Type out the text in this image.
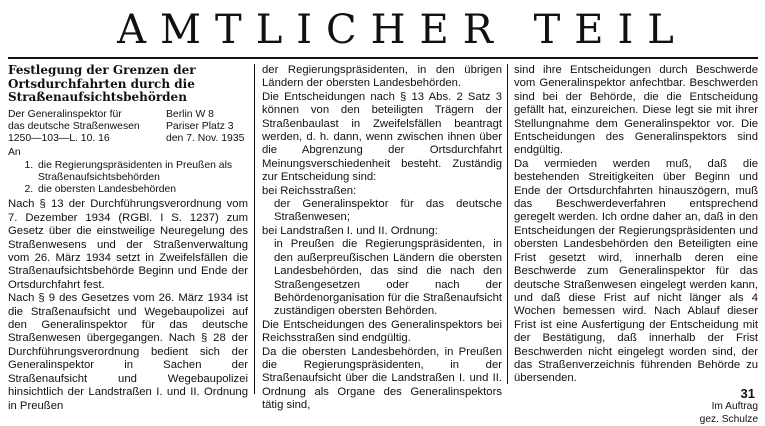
AMTLICHER TEIL
Festlegung der Grenzen der Ortsdurchfahrten durch die Straßenaufsichtsbehörden
Der Generalinspektor für
das deutsche Straßenwesen
1250—103—L. 10. 16
Berlin W 8
Pariser Platz 3
den 7. Nov. 1935
An
1. die Regierungspräsidenten in Preußen als Straßenaufsichtsbehörden
2. die obersten Landesbehörden

Nach § 13 der Durchführungsverordnung vom 7. Dezember 1934 (RGBl. I S. 1237) zum Gesetz über die einstweilige Neuregelung des Straßenwesens und der Straßenverwaltung vom 26. März 1934 setzt in Zweifelsfällen die Straßenaufsichtsbehörde Beginn und Ende der Ortsdurchfahrt fest.

Nach § 9 des Gesetzes vom 26. März 1934 ist die Straßenaufsicht und Wegebaupolizei auf den Generalinspektor für das deutsche Straßenwesen übergegangen. Nach § 28 der Durchführungsverordnung bedient sich der Generalinspektor in Sachen der Straßenaufsicht und Wegebaupolizei hinsichtlich der Landstraßen I. und II. Ordnung in Preußen

der Regierungspräsidenten, in den übrigen Ländern der obersten Landesbehörden.

Die Entscheidungen nach § 13 Abs. 2 Satz 3 können von den beteiligten Trägern der Straßenbaulast in Zweifelsfällen beantragt werden, d. h. dann, wenn zwischen ihnen über die Abgrenzung der Ortsdurchfahrt Meinungsverschiedenheit besteht. Zuständig zur Entscheidung sind:

bei Reichsstraßen:

der Generalinspektor für das deutsche Straßenwesen;

bei Landstraßen I. und II. Ordnung:

in Preußen die Regierungspräsidenten, in den außerpreußischen Ländern die obersten Landesbehörden, das sind die nach den Straßengesetzen oder nach der Behördenorganisation für die Straßenaufsicht zuständigen obersten Behörden.

Die Entscheidungen des Generalinspektors bei Reichsstraßen sind endgültig.

Da die obersten Landesbehörden, in Preußen die Regierungspräsidenten, in der Straßenaufsicht über die Landstraßen I. und II. Ordnung als Organe des Generalinspektors tätig sind,

sind ihre Entscheidungen durch Beschwerde vom Generalinspektor anfechtbar. Beschwerden sind bei der Behörde, die die Entscheidung gefällt hat, einzureichen. Diese legt sie mit ihrer Stellungnahme dem Generalinspektor vor. Die Entscheidungen des Generalinspektors sind endgültig.

Da vermieden werden muß, daß die bestehenden Streitigkeiten über Beginn und Ende der Ortsdurchfahrten hinauszögern, muß das Beschwerdeverfahren entsprechend geregelt werden. Ich ordne daher an, daß in den Entscheidungen der Regierungspräsidenten und obersten Landesbehörden den Beteiligten eine Frist gesetzt wird, innerhalb deren eine Beschwerde zum Generalinspektor für das deutsche Straßenwesen eingelegt werden kann, und daß diese Frist auf nicht länger als 4 Wochen bemessen wird. Nach Ablauf dieser Frist ist eine Ausfertigung der Entscheidung mit der Bestätigung, daß innerhalb der Frist Beschwerden nicht eingelegt worden sind, der das Straßenverzeichnis führenden Behörde zu übersenden.

Im Auftrag
gez. Schulze
31
